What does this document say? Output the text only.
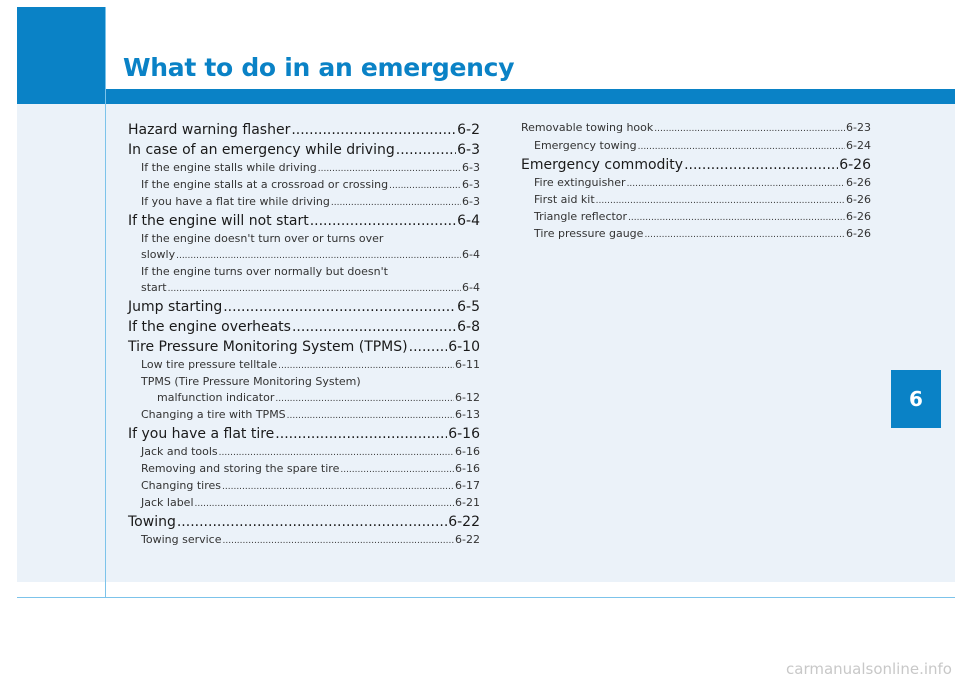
What to do in an emergency
Hazard warning flasher .....	6-2
In case of an emergency while driving .....	6-3
If the engine stalls while driving .....	6-3
If the engine stalls at a crossroad or crossing .....	6-3
If you have a flat tire while driving .....	6-3
If the engine will not start .....	6-4
If the engine doesn't turn over or turns over
slowly .....	6-4
If the engine turns over normally but doesn't
start .....	6-4
Jump starting .....	6-5
If the engine overheats .....	6-8
Tire Pressure Monitoring System (TPMS) .....	6-10
Low tire pressure telltale .....	6-11
TPMS (Tire Pressure Monitoring System)
malfunction indicator .....	6-12
Changing a tire with TPMS .....	6-13
If you have a flat tire .....	6-16
Jack and tools .....	6-16
Removing and storing the spare tire .....	6-16
Changing tires .....	6-17
Jack label .....	6-21
Towing .....	6-22
Towing service .....	6-22
Removable towing hook .....	6-23
Emergency towing .....	6-24
Emergency commodity .....	6-26
Fire extinguisher .....	6-26
First aid kit .....	6-26
Triangle reflector .....	6-26
Tire pressure gauge .....	6-26
6
carmanualsonline.info
